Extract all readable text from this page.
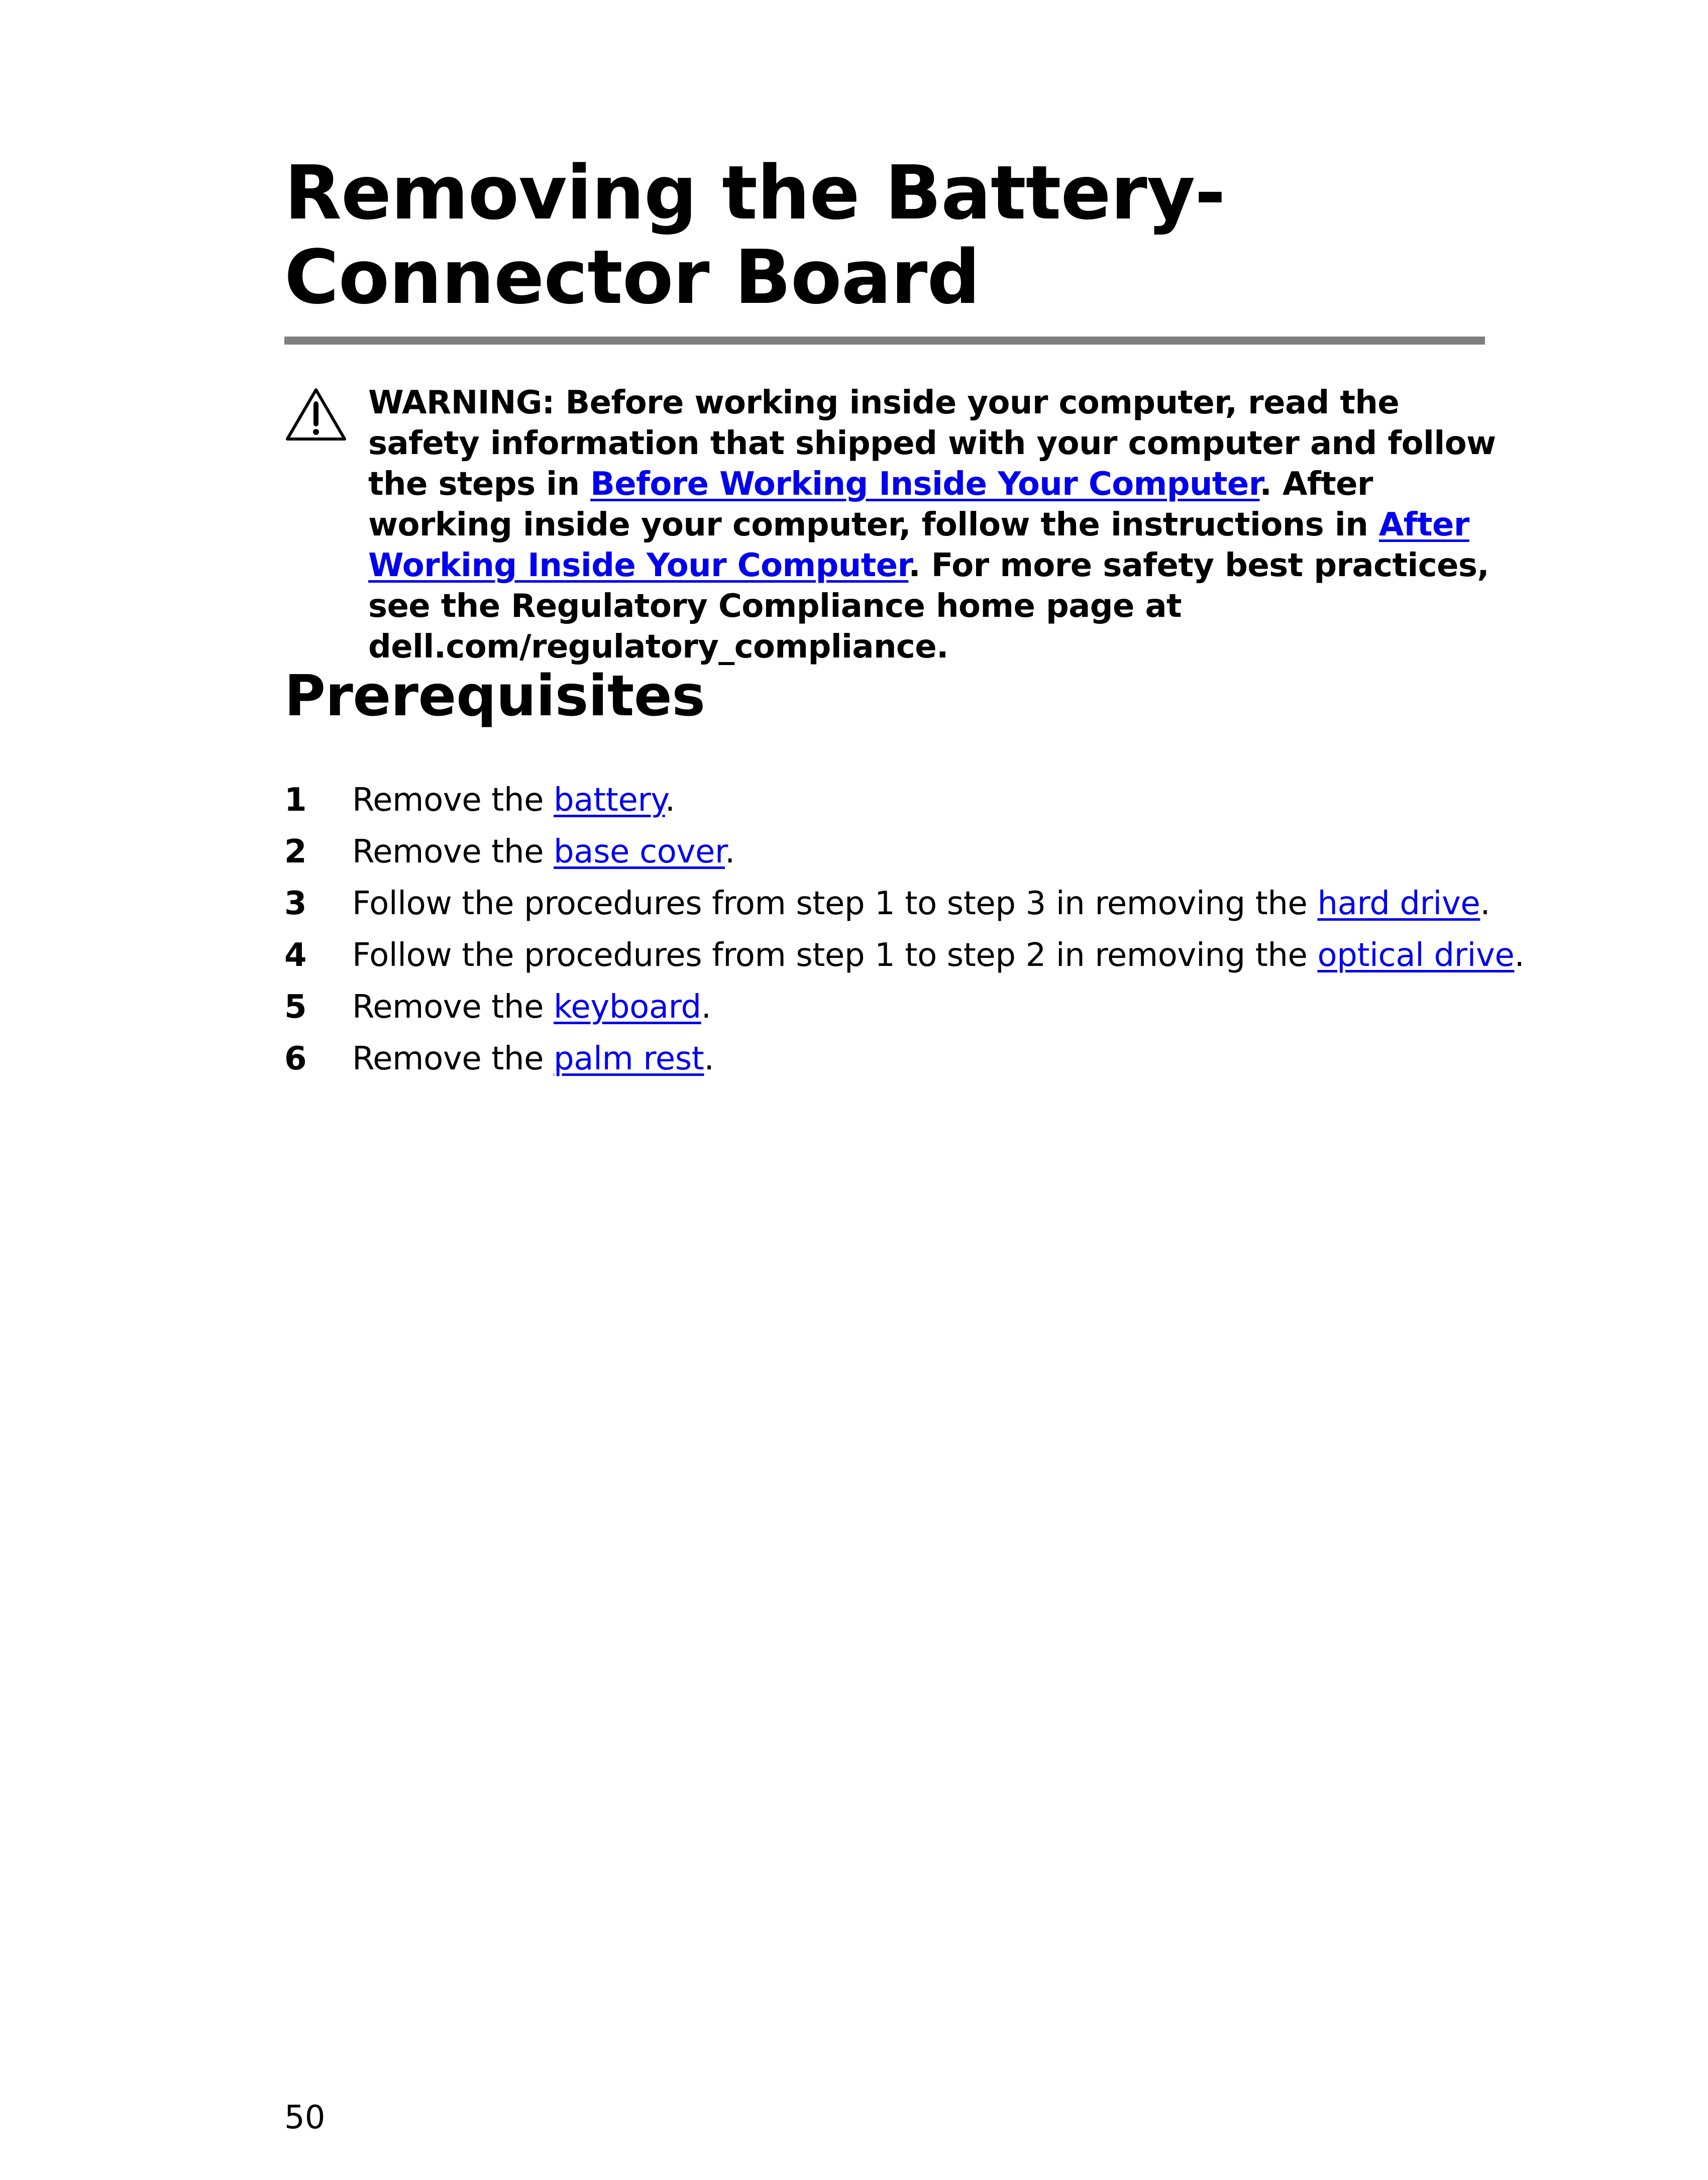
Removing the Battery-Connector Board

WARNING: Before working inside your computer, read the safety information that shipped with your computer and follow the steps in Before Working Inside Your Computer. After working inside your computer, follow the instructions in After Working Inside Your Computer. For more safety best practices, see the Regulatory Compliance home page at dell.com/regulatory_compliance.

Prerequisites
1 Remove the battery.
2 Remove the base cover.
3 Follow the procedures from step 1 to step 3 in removing the hard drive.
4 Follow the procedures from step 1 to step 2 in removing the optical drive.
5 Remove the keyboard.
6 Remove the palm rest.
50
